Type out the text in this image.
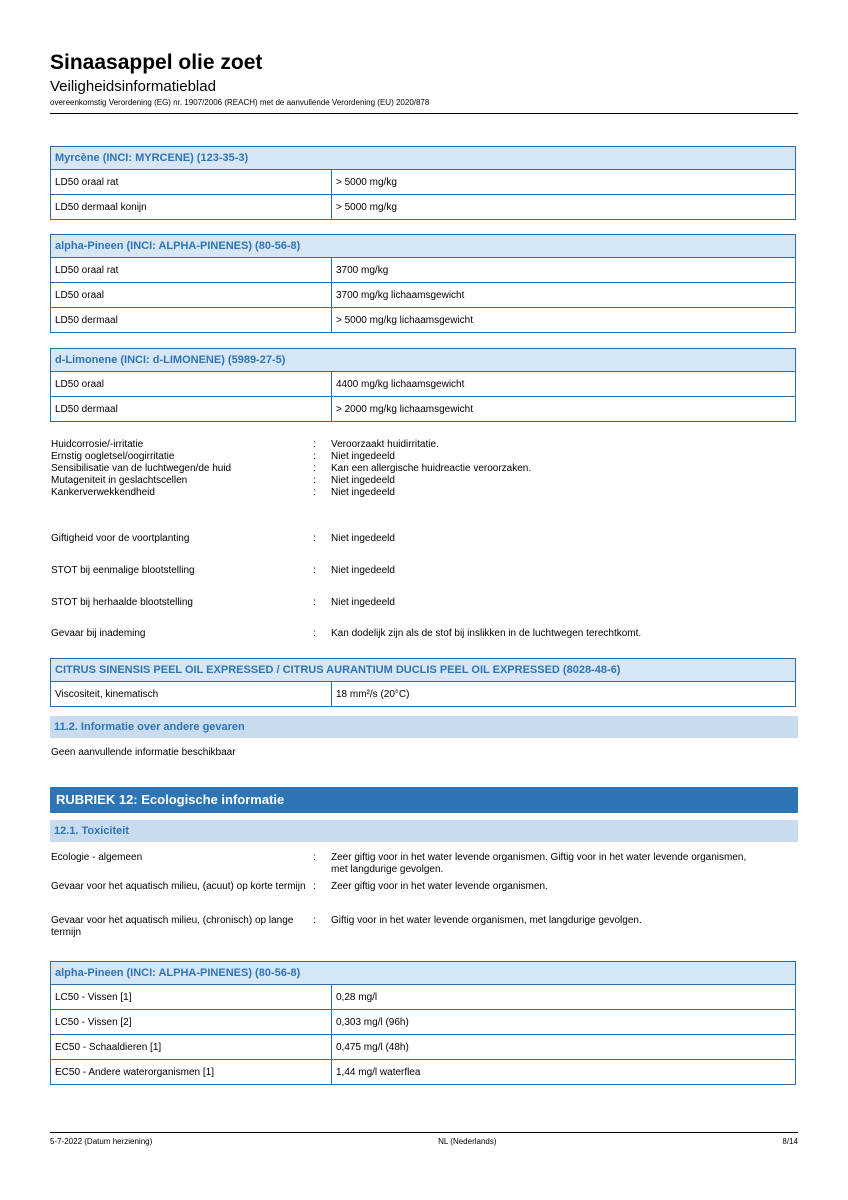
Sinaasappel olie zoet
Veiligheidsinformatieblad
overeenkomstig Verordening (EG) nr. 1907/2006 (REACH) met de aanvullende Verordening (EU) 2020/878
Myrcène (INCI: MYRCENE) (123-35-3)	
LD50 oraal rat	> 5000 mg/kg
LD50 dermaal konijn	> 5000 mg/kg
alpha-Pineen (INCI: ALPHA-PINENES) (80-56-8)	
LD50 oraal rat	3700 mg/kg
LD50 oraal	3700 mg/kg lichaamsgewicht
LD50 dermaal	> 5000 mg/kg lichaamsgewicht
d-Limonene (INCI: d-LIMONENE) (5989-27-5)	
LD50 oraal	4400 mg/kg lichaamsgewicht
LD50 dermaal	> 2000 mg/kg lichaamsgewicht
Huidcorrosie/-irritatie	:	Veroorzaakt huidirritatie.
Ernstig oogletsel/oogirritatie	:	Niet ingedeeld
Sensibilisatie van de luchtwegen/de huid	:	Kan een allergische huidreactie veroorzaken.
Mutageniteit in geslachtscellen	:	Niet ingedeeld
Kankerverwekkendheid	:	Niet ingedeeld
Giftigheid voor de voortplanting	:	Niet ingedeeld
STOT bij eenmalige blootstelling	:	Niet ingedeeld
STOT bij herhaalde blootstelling	:	Niet ingedeeld
Gevaar bij inademing	:	Kan dodelijk zijn als de stof bij inslikken in de luchtwegen terechtkomt.
CITRUS SINENSIS PEEL OIL EXPRESSED / CITRUS AURANTIUM DUCLIS PEEL OIL EXPRESSED (8028-48-6)
Viscositeit, kinematisch	18 mm²/s (20°C)
11.2. Informatie over andere gevaren
Geen aanvullende informatie beschikbaar
RUBRIEK 12: Ecologische informatie
12.1. Toxiciteit
Ecologie - algemeen	:	Zeer giftig voor in het water levende organismen. Giftig voor in het water levende organismen, met langdurige gevolgen.
Gevaar voor het aquatisch milieu, (acuut) op korte termijn :	Zeer giftig voor in het water levende organismen.
Gevaar voor het aquatisch milieu, (chronisch) op lange termijn
:	Giftig voor in het water levende organismen, met langdurige gevolgen.
alpha-Pineen (INCI: ALPHA-PINENES) (80-56-8)	
LC50 - Vissen [1]	0,28 mg/l
LC50 - Vissen [2]	0,303 mg/l (96h)
EC50 - Schaaldieren [1]	0,475 mg/l (48h)
EC50 - Andere waterorganismen [1]	1,44 mg/l waterflea
5-7-2022 (Datum herziening)	NL (Nederlands)	8/14
